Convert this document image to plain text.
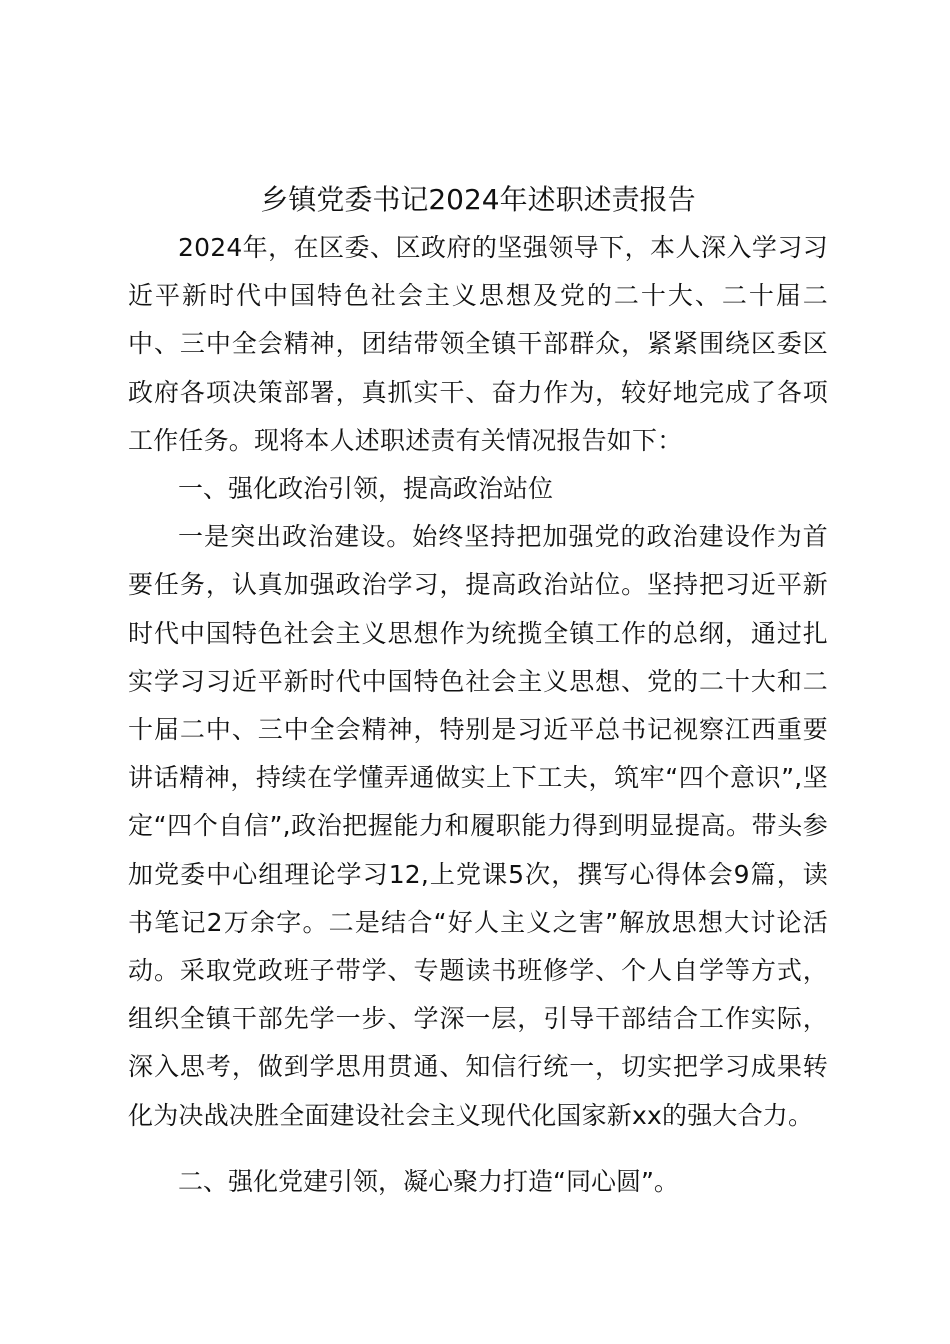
乡镇党委书记2024年述职述责报告

2024年，在区委、区政府的坚强领导下，本人深入学习习近平新时代中国特色社会主义思想及党的二十大、二十届二中、三中全会精神，团结带领全镇干部群众，紧紧围绕区委区政府各项决策部署，真抓实干、奋力作为，较好地完成了各项工作任务。现将本人述职述责有关情况报告如下：

一、强化政治引领，提高政治站位

一是突出政治建设。始终坚持把加强党的政治建设作为首要任务，认真加强政治学习，提高政治站位。坚持把习近平新时代中国特色社会主义思想作为统揽全镇工作的总纲，通过扎实学习习近平新时代中国特色社会主义思想、党的二十大和二十届二中、三中全会精神，特别是习近平总书记视察江西重要讲话精神，持续在学懂弄通做实上下工夫，筑牢“四个意识”,坚定“四个自信”,政治把握能力和履职能力得到明显提高。带头参加党委中心组理论学习12,上党课5次，撰写心得体会9篇，读书笔记2万余字。二是结合“好人主义之害”解放思想大讨论活动。采取党政班子带学、专题读书班修学、个人自学等方式，组织全镇干部先学一步、学深一层，引导干部结合工作实际，深入思考，做到学思用贯通、知信行统一，切实把学习成果转化为决战决胜全面建设社会主义现代化国家新xx的强大合力。

二、强化党建引领，凝心聚力打造“同心圆”。
